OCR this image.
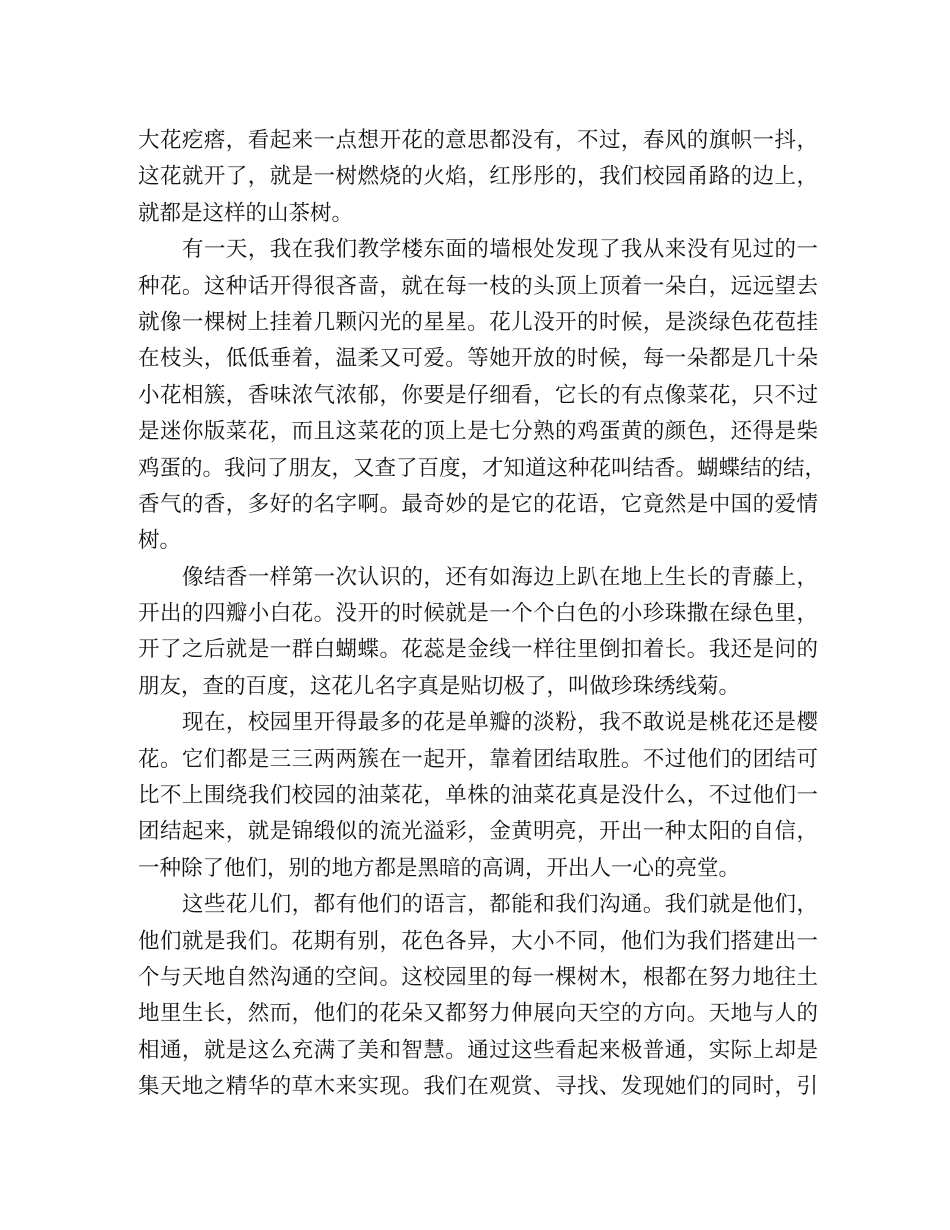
大花疙瘩，看起来一点想开花的意思都没有，不过，春风的旗帜一抖，
这花就开了，就是一树燃烧的火焰，红彤彤的，我们校园甬路的边上，
就都是这样的山茶树。
有一天，我在我们教学楼东面的墙根处发现了我从来没有见过的一
种花。这种话开得很吝啬，就在每一枝的头顶上顶着一朵白，远远望去
就像一棵树上挂着几颗闪光的星星。花儿没开的时候，是淡绿色花苞挂
在枝头，低低垂着，温柔又可爱。等她开放的时候，每一朵都是几十朵
小花相簇，香味浓气浓郁，你要是仔细看，它长的有点像菜花，只不过
是迷你版菜花，而且这菜花的顶上是七分熟的鸡蛋黄的颜色，还得是柴
鸡蛋的。我问了朋友，又查了百度，才知道这种花叫结香。蝴蝶结的结，
香气的香，多好的名字啊。最奇妙的是它的花语，它竟然是中国的爱情
树。
像结香一样第一次认识的，还有如海边上趴在地上生长的青藤上，
开出的四瓣小白花。没开的时候就是一个个白色的小珍珠撒在绿色里，
开了之后就是一群白蝴蝶。花蕊是金线一样往里倒扣着长。我还是问的
朋友，查的百度，这花儿名字真是贴切极了，叫做珍珠绣线菊。
现在，校园里开得最多的花是单瓣的淡粉，我不敢说是桃花还是樱
花。它们都是三三两两簇在一起开，靠着团结取胜。不过他们的团结可
比不上围绕我们校园的油菜花，单株的油菜花真是没什么，不过他们一
团结起来，就是锦缎似的流光溢彩，金黄明亮，开出一种太阳的自信，
一种除了他们，别的地方都是黑暗的高调，开出人一心的亮堂。
这些花儿们，都有他们的语言，都能和我们沟通。我们就是他们，
他们就是我们。花期有别，花色各异，大小不同，他们为我们搭建出一
个与天地自然沟通的空间。这校园里的每一棵树木，根都在努力地往土
地里生长，然而，他们的花朵又都努力伸展向天空的方向。天地与人的
相通，就是这么充满了美和智慧。通过这些看起来极普通，实际上却是
集天地之精华的草木来实现。我们在观赏、寻找、发现她们的同时，引
